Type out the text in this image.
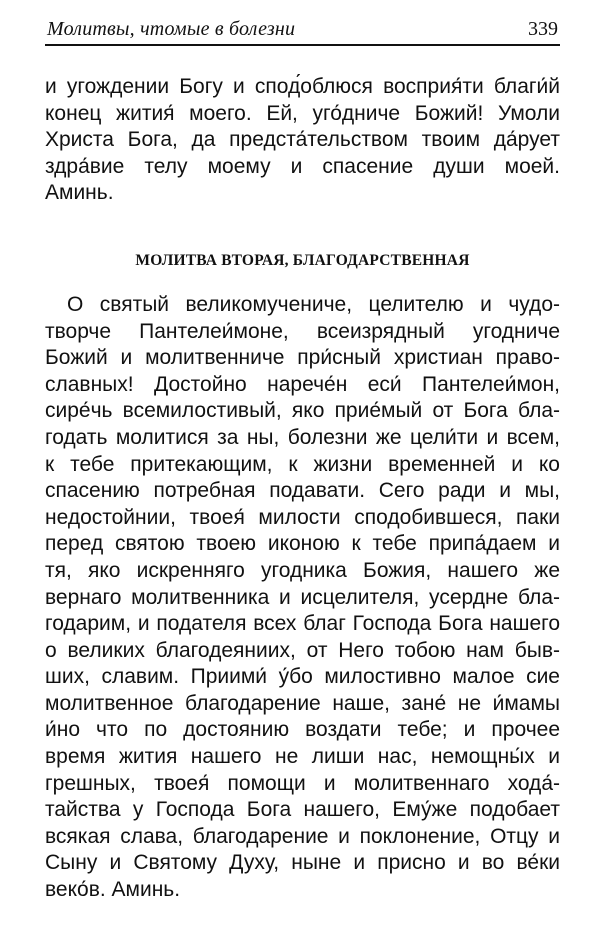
Молитвы, чтомые в болезни	339

и угождении Богу и спод́облюся восприя́ти благи́й
конец жития́ моего. Ей, уго́дниче Божий! Умоли
Христа Бога, да предста́тельством твоим да́рует
здра́вие телу моему и спасение души моей.
Аминь.

МОЛИТВА ВТОРАЯ, БЛАГОДАРСТВЕННАЯ

О святый великомучениче, целителю и чудо-
творче Пантелеи́моне, всеизрядный угодниче
Божий и молитвенниче при́сный христиан право-
славных! Достойно нарече́н еси́ Пантелеи́мон,
сире́чь всемилостивый, яко прие́мый от Бога бла-
годать молитися за ны, болезни же цели́ти и всем,
к тебе притекающим, к жизни временней и ко
спасению потребная подавати. Сего ради и мы,
недостойнии, твоея́ милости сподобившеся, паки
перед святою твоею иконою к тебе припа́даем и
тя, яко искренняго угодника Божия, нашего же
вернаго молитвенника и исцелителя, усердне бла-
годарим, и подателя всех благ Господа Бога нашего
о великих благодеяниих, от Него тобою нам быв-
ших, славим. Приими́ у́бо милостивно малое сие
молитвенное благодарение наше, зане́ не и́мамы
и́но что по достоянию воздати тебе; и прочее
время жития нашего не лиши нас, немощны́х и
грешных, твоея́ помощи и молитвеннаго хода́-
тайства у Господа Бога нашего, Ему́же подобает
всякая слава, благодарение и поклонение, Отцу и
Сыну и Святому Духу, ныне и присно и во ве́ки
веко́в. Аминь.
